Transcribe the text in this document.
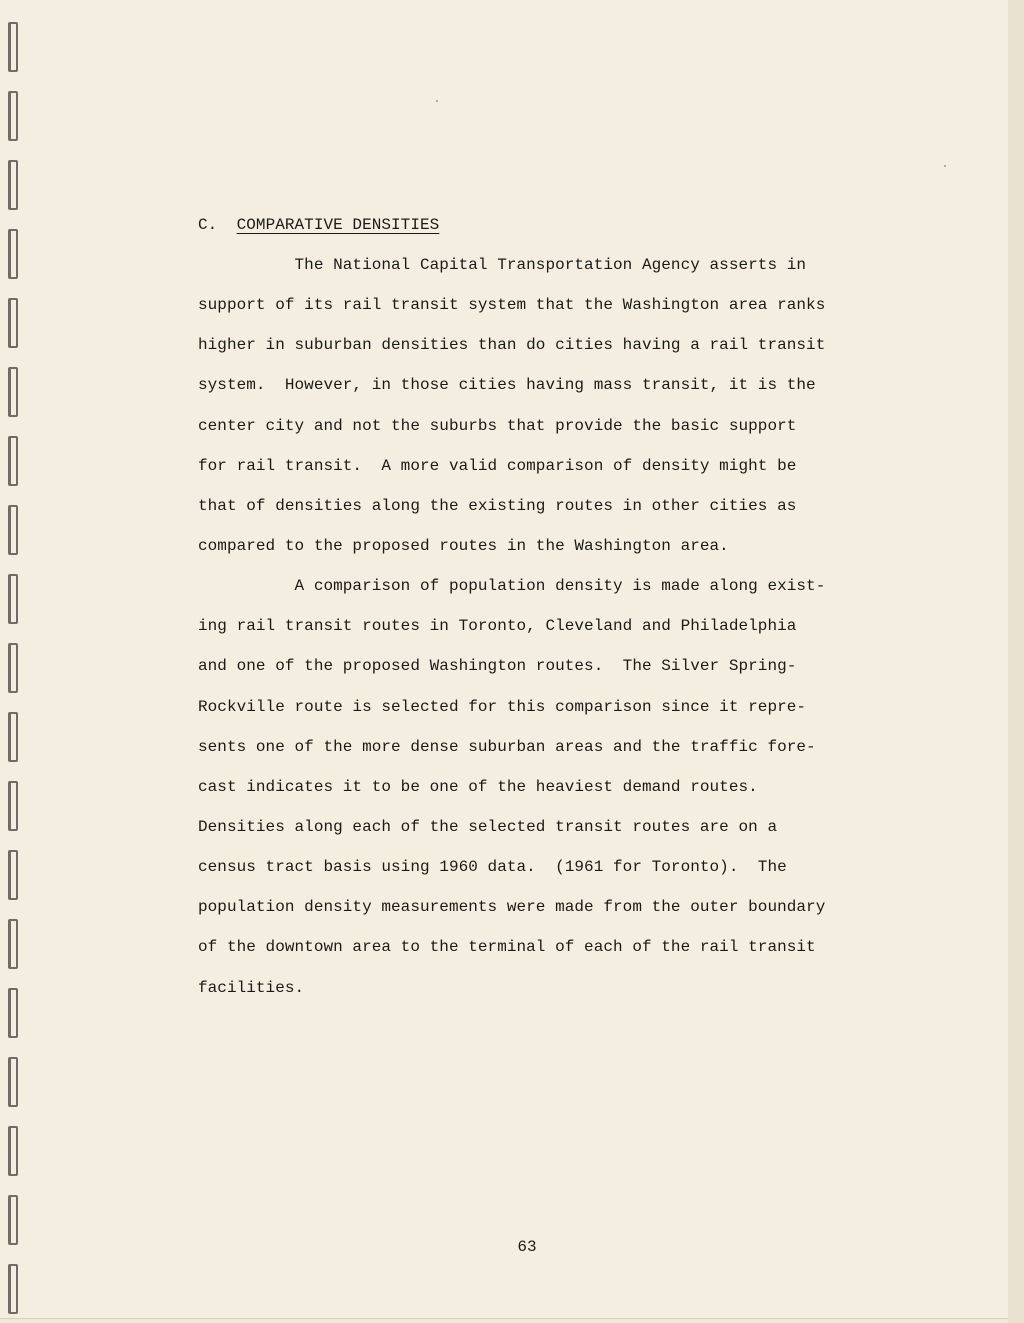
C.  COMPARATIVE DENSITIES
The National Capital Transportation Agency asserts in
support of its rail transit system that the Washington area ranks
higher in suburban densities than do cities having a rail transit
system.  However, in those cities having mass transit, it is the
center city and not the suburbs that provide the basic support
for rail transit.  A more valid comparison of density might be
that of densities along the existing routes in other cities as
compared to the proposed routes in the Washington area.
A comparison of population density is made along exist-
ing rail transit routes in Toronto, Cleveland and Philadelphia
and one of the proposed Washington routes.  The Silver Spring-
Rockville route is selected for this comparison since it repre-
sents one of the more dense suburban areas and the traffic fore-
cast indicates it to be one of the heaviest demand routes.
Densities along each of the selected transit routes are on a
census tract basis using 1960 data.  (1961 for Toronto).  The
population density measurements were made from the outer boundary
of the downtown area to the terminal of each of the rail transit
facilities.
63
